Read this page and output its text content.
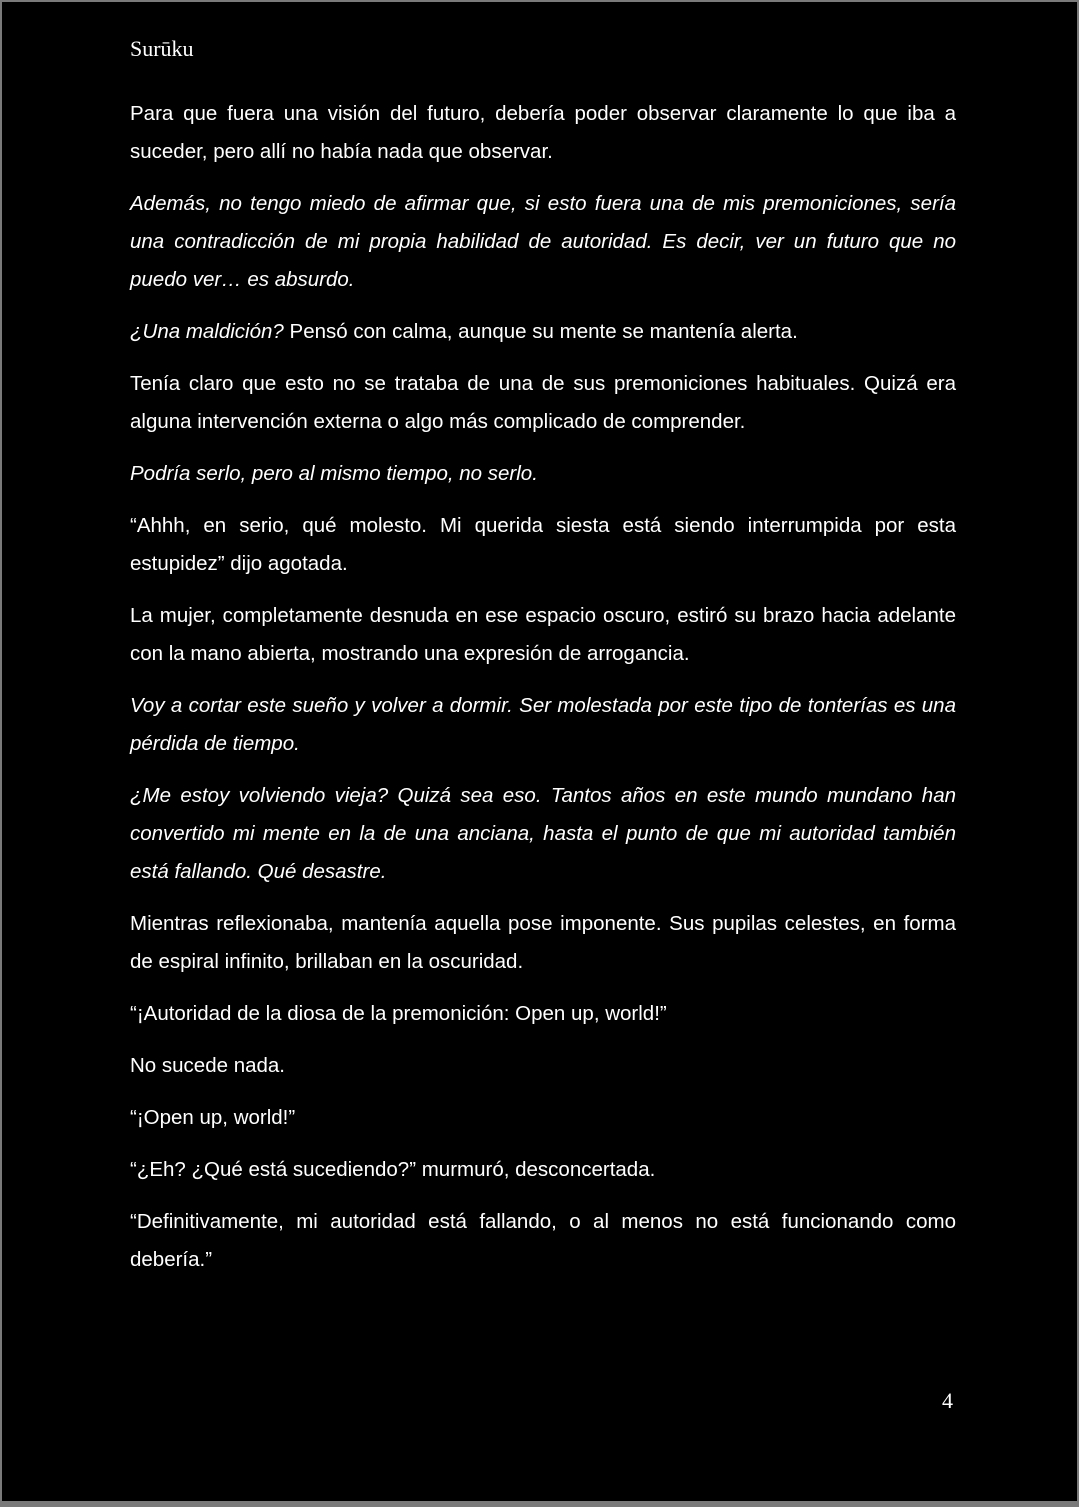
Surūku

Para que fuera una visión del futuro, debería poder observar claramente lo que iba a suceder, pero allí no había nada que observar.

Además, no tengo miedo de afirmar que, si esto fuera una de mis premoniciones, sería una contradicción de mi propia habilidad de autoridad. Es decir, ver un futuro que no puedo ver… es absurdo.

¿Una maldición? Pensó con calma, aunque su mente se mantenía alerta.

Tenía claro que esto no se trataba de una de sus premoniciones habituales. Quizá era alguna intervención externa o algo más complicado de comprender.

Podría serlo, pero al mismo tiempo, no serlo.

“Ahhh, en serio, qué molesto. Mi querida siesta está siendo interrumpida por esta estupidez” dijo agotada.

La mujer, completamente desnuda en ese espacio oscuro, estiró su brazo hacia adelante con la mano abierta, mostrando una expresión de arrogancia.

Voy a cortar este sueño y volver a dormir. Ser molestada por este tipo de tonterías es una pérdida de tiempo.

¿Me estoy volviendo vieja? Quizá sea eso. Tantos años en este mundo mundano han convertido mi mente en la de una anciana, hasta el punto de que mi autoridad también está fallando. Qué desastre.

Mientras reflexionaba, mantenía aquella pose imponente. Sus pupilas celestes, en forma de espiral infinito, brillaban en la oscuridad.

“¡Autoridad de la diosa de la premonición: Open up, world!”

No sucede nada.

“¡Open up, world!”

“¿Eh? ¿Qué está sucediendo?” murmuró, desconcertada.

“Definitivamente, mi autoridad está fallando, o al menos no está funcionando como debería.”

4
